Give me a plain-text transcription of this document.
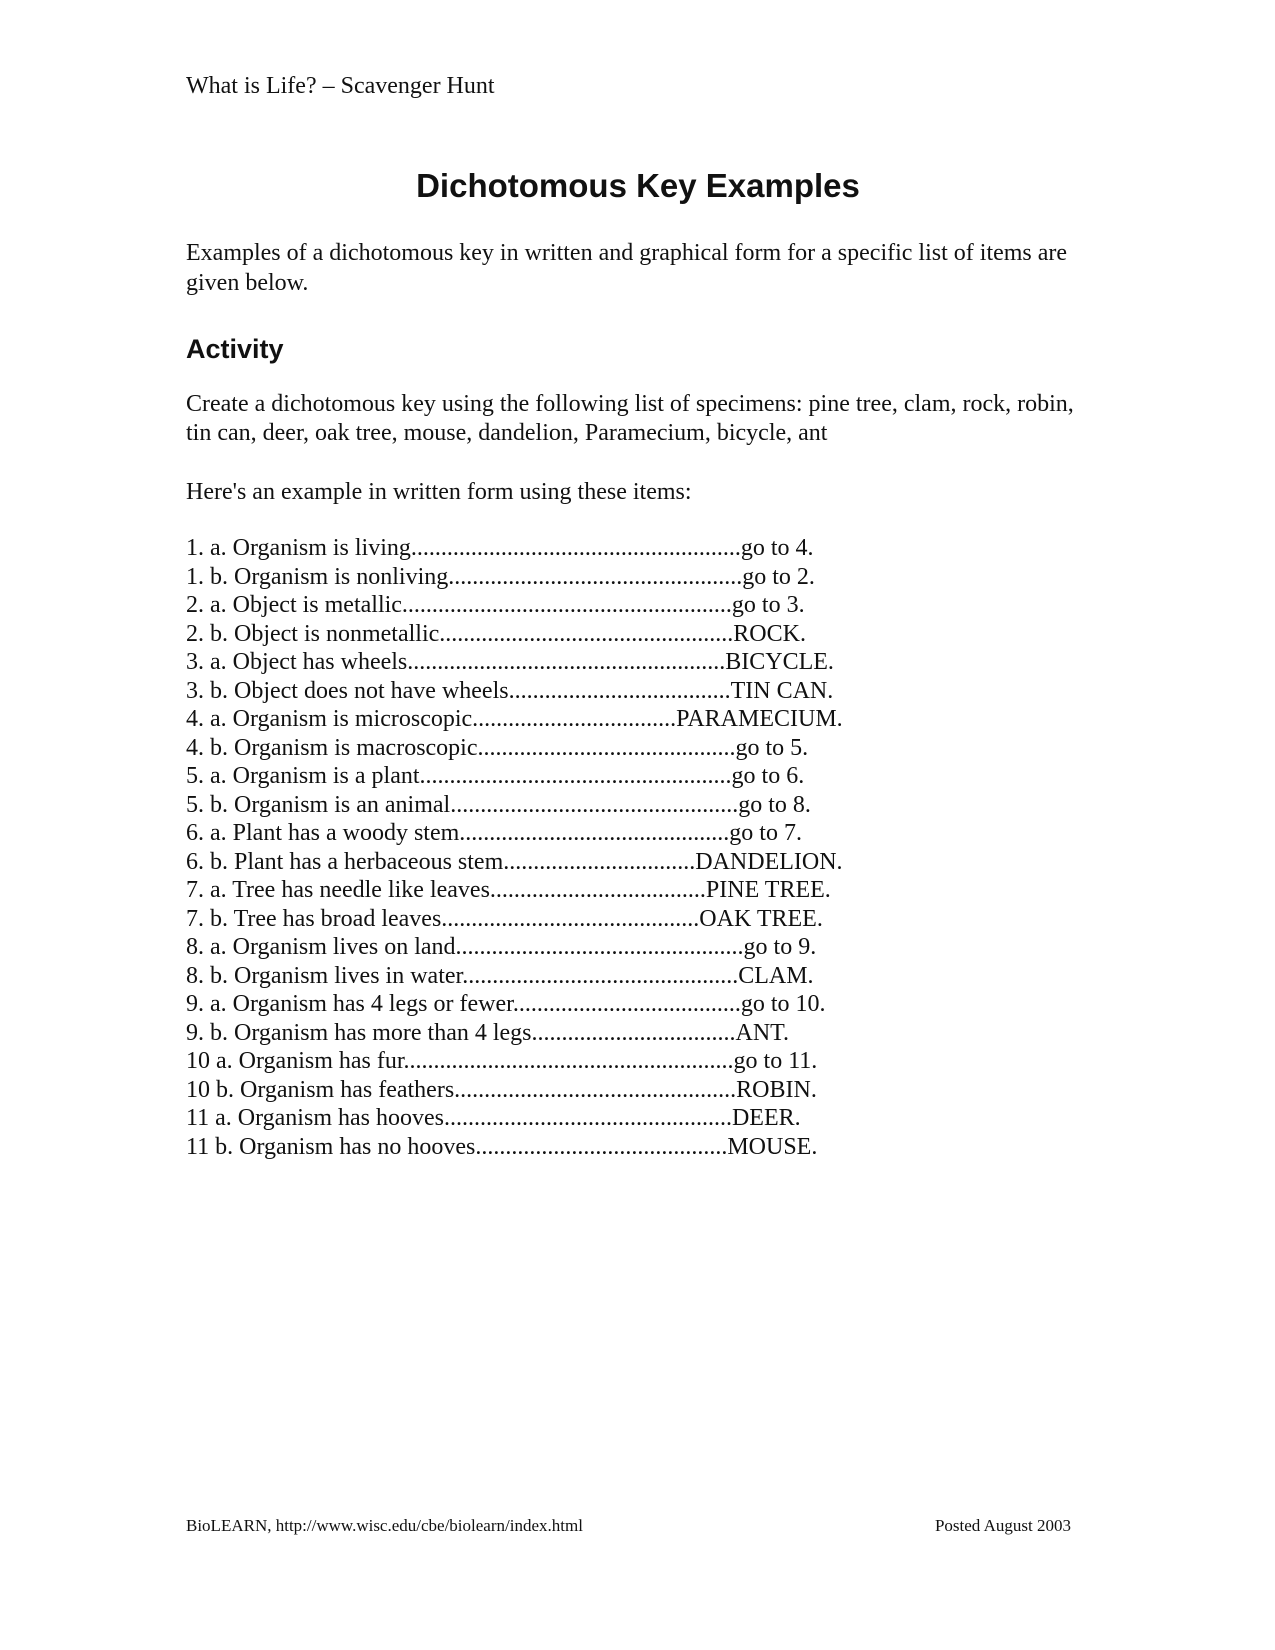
What is Life? – Scavenger Hunt
Dichotomous Key Examples
Examples of a dichotomous key in written and graphical form for a specific list of items are given below.
Activity
Create a dichotomous key using the following list of specimens: pine tree, clam, rock, robin, tin can, deer, oak tree, mouse, dandelion, Paramecium, bicycle, ant
Here's an example in written form using these items:
1. a. Organism is living.......................................................go to 4.
1. b. Organism is nonliving.................................................go to 2.
2. a. Object is metallic.......................................................go to 3.
2. b. Object is nonmetallic.................................................ROCK.
3. a. Object has wheels.....................................................BICYCLE.
3. b. Object does not have wheels.....................................TIN CAN.
4. a. Organism is microscopic..................................PARAMECIUM.
4. b. Organism is macroscopic...........................................go to 5.
5. a. Organism is a plant....................................................go to 6.
5. b. Organism is an animal................................................go to 8.
6. a. Plant has a woody stem.............................................go to 7.
6. b. Plant has a herbaceous stem................................DANDELION.
7. a. Tree has needle like leaves....................................PINE TREE.
7. b. Tree has broad leaves...........................................OAK TREE.
8. a. Organism lives on land................................................go to 9.
8. b. Organism lives in water..............................................CLAM.
9. a. Organism has 4 legs or fewer......................................go to 10.
9. b. Organism has more than 4 legs..................................ANT.
10 a. Organism has fur.......................................................go to 11.
10 b. Organism has feathers...............................................ROBIN.
11 a. Organism has hooves................................................DEER.
11 b. Organism has no hooves..........................................MOUSE.
BioLEARN, http://www.wisc.edu/cbe/biolearn/index.html	Posted August 2003
